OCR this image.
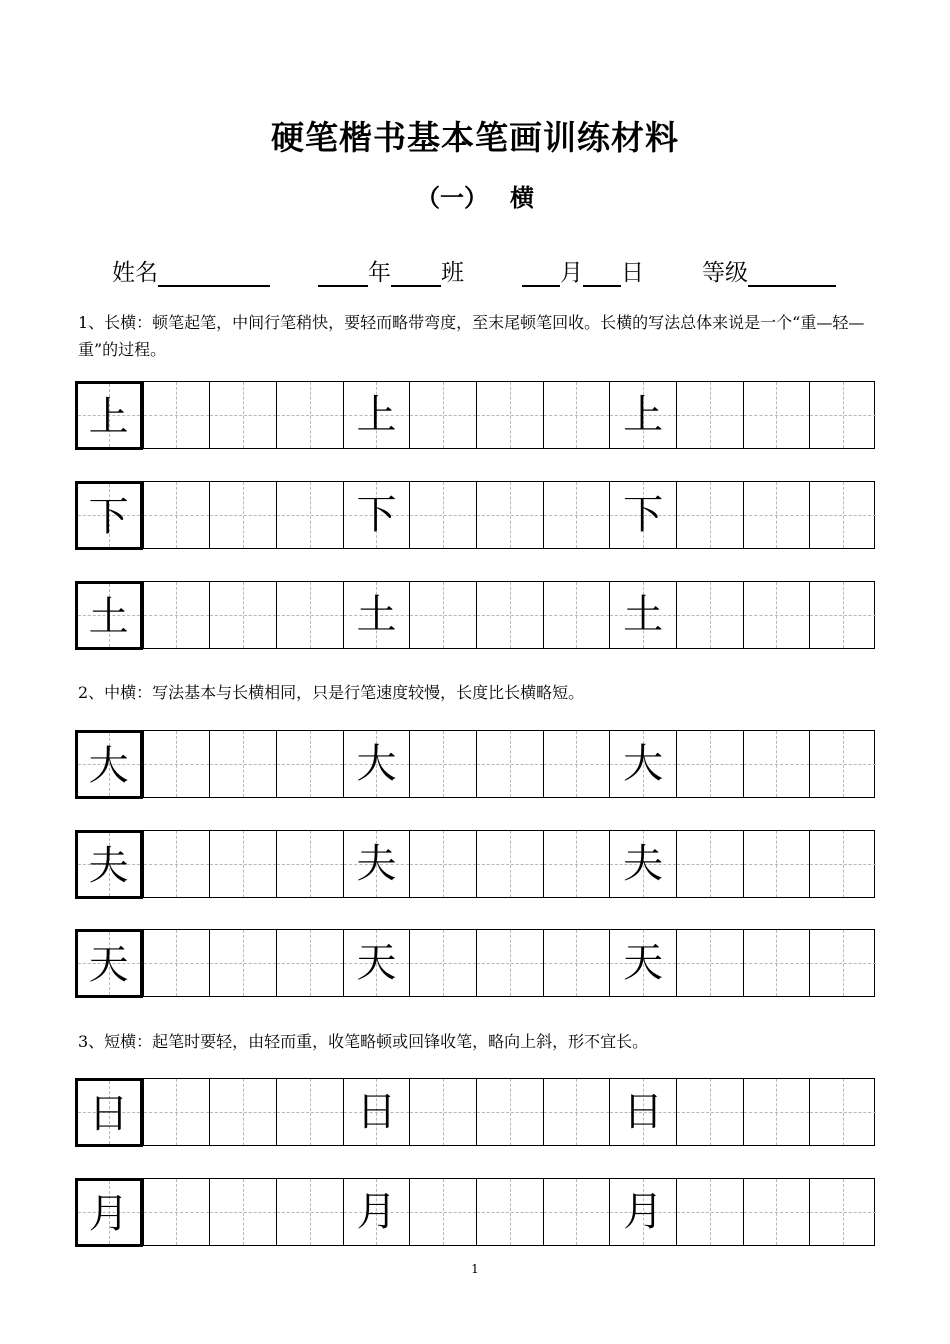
硬笔楷书基本笔画训练材料
（一） 横
姓名	年 班	月 日	等级
1、长横：顿笔起笔，中间行笔稍快，要轻而略带弯度，至末尾顿笔回收。长横的写法总体来说是一个“重—轻—重”的过程。
2、中横：写法基本与长横相同，只是行笔速度较慢，长度比长横略短。
3、短横：起笔时要轻，由轻而重，收笔略顿或回锋收笔，略向上斜，形不宜长。
上	上	上
下	下	下
土	土	土
大	大	大
夫	夫	夫
天	天	天
日	日	日
月	月	月
1
